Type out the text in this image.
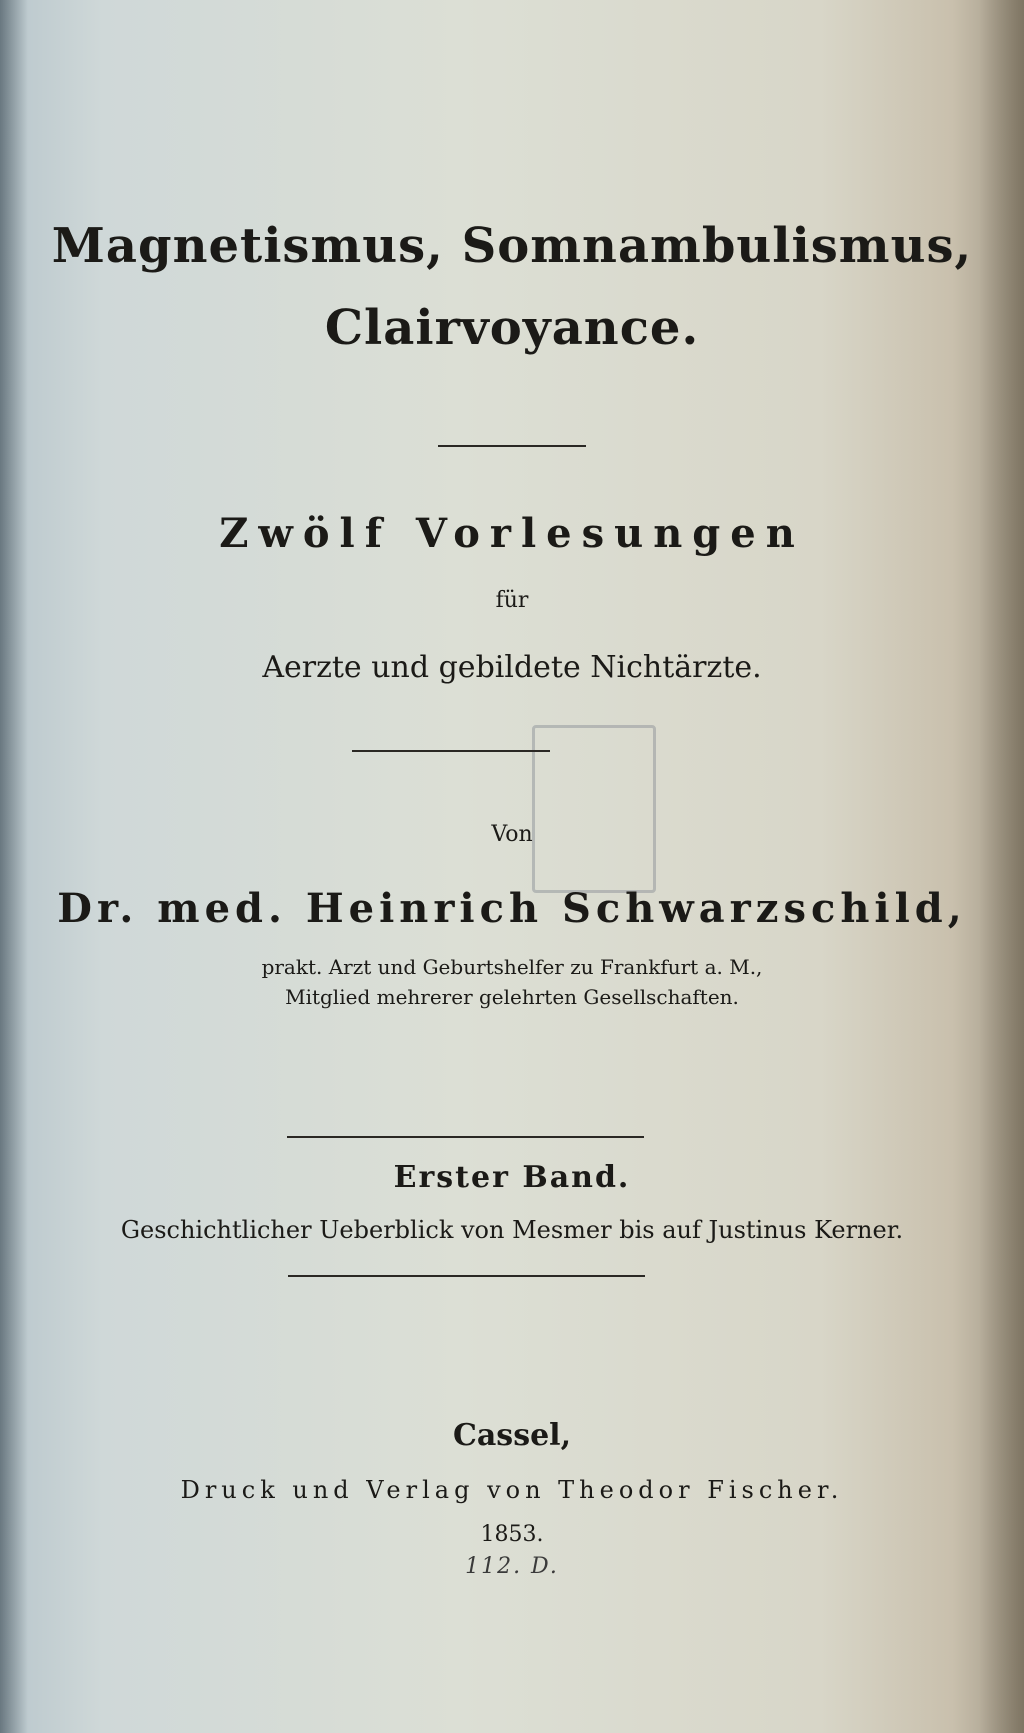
Magnetismus, Somnambulismus,
Clairvoyance.
Zwölf Vorlesungen
für
Aerzte und gebildete Nichtärzte.
Von
Dr. med. Heinrich Schwarzschild,
prakt. Arzt und Geburtshelfer zu Frankfurt a. M.,
Mitglied mehrerer gelehrten Gesellschaften.
Erster Band.
Geschichtlicher Ueberblick von Mesmer bis auf Justinus Kerner.
Cassel,
Druck und Verlag von Theodor Fischer.
1853.
112. D.
